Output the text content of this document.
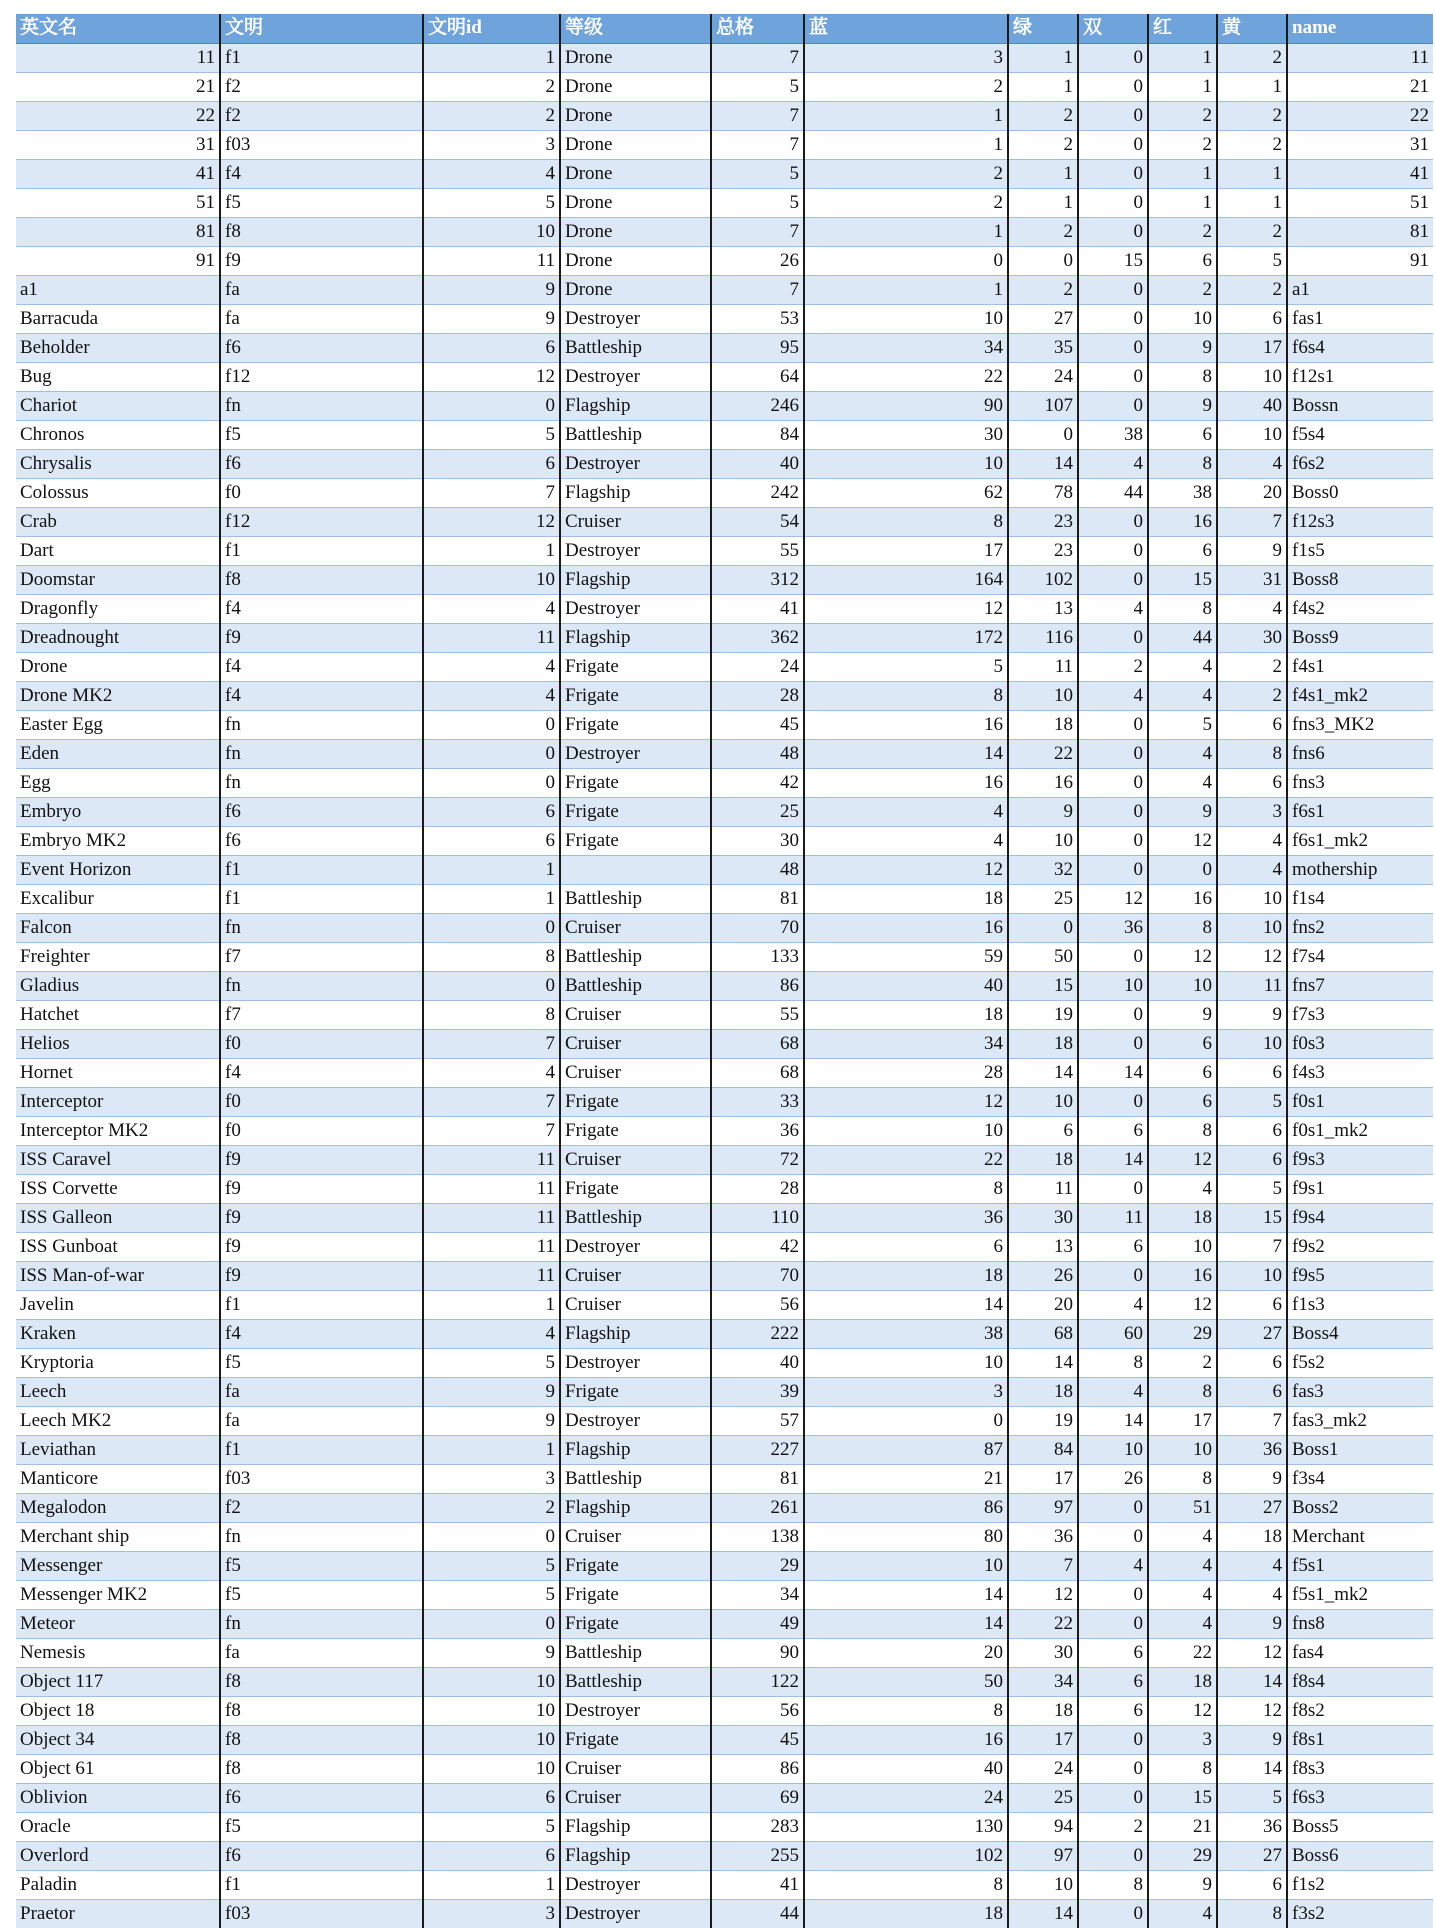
英文名	文明	文明id	等级	总格	蓝	绿	双	红	黄	name
11	f1	1	Drone	7	3	1	0	1	2	11
21	f2	2	Drone	5	2	1	0	1	1	21
22	f2	2	Drone	7	1	2	0	2	2	22
31	f03	3	Drone	7	1	2	0	2	2	31
41	f4	4	Drone	5	2	1	0	1	1	41
51	f5	5	Drone	5	2	1	0	1	1	51
81	f8	10	Drone	7	1	2	0	2	2	81
91	f9	11	Drone	26	0	0	15	6	5	91
a1	fa	9	Drone	7	1	2	0	2	2	a1
Barracuda	fa	9	Destroyer	53	10	27	0	10	6	fas1
Beholder	f6	6	Battleship	95	34	35	0	9	17	f6s4
Bug	f12	12	Destroyer	64	22	24	0	8	10	f12s1
Chariot	fn	0	Flagship	246	90	107	0	9	40	Bossn
Chronos	f5	5	Battleship	84	30	0	38	6	10	f5s4
Chrysalis	f6	6	Destroyer	40	10	14	4	8	4	f6s2
Colossus	f0	7	Flagship	242	62	78	44	38	20	Boss0
Crab	f12	12	Cruiser	54	8	23	0	16	7	f12s3
Dart	f1	1	Destroyer	55	17	23	0	6	9	f1s5
Doomstar	f8	10	Flagship	312	164	102	0	15	31	Boss8
Dragonfly	f4	4	Destroyer	41	12	13	4	8	4	f4s2
Dreadnought	f9	11	Flagship	362	172	116	0	44	30	Boss9
Drone	f4	4	Frigate	24	5	11	2	4	2	f4s1
Drone MK2	f4	4	Frigate	28	8	10	4	4	2	f4s1_mk2
Easter Egg	fn	0	Frigate	45	16	18	0	5	6	fns3_MK2
Eden	fn	0	Destroyer	48	14	22	0	4	8	fns6
Egg	fn	0	Frigate	42	16	16	0	4	6	fns3
Embryo	f6	6	Frigate	25	4	9	0	9	3	f6s1
Embryo MK2	f6	6	Frigate	30	4	10	0	12	4	f6s1_mk2
Event Horizon	f1	1		48	12	32	0	0	4	mothership
Excalibur	f1	1	Battleship	81	18	25	12	16	10	f1s4
Falcon	fn	0	Cruiser	70	16	0	36	8	10	fns2
Freighter	f7	8	Battleship	133	59	50	0	12	12	f7s4
Gladius	fn	0	Battleship	86	40	15	10	10	11	fns7
Hatchet	f7	8	Cruiser	55	18	19	0	9	9	f7s3
Helios	f0	7	Cruiser	68	34	18	0	6	10	f0s3
Hornet	f4	4	Cruiser	68	28	14	14	6	6	f4s3
Interceptor	f0	7	Frigate	33	12	10	0	6	5	f0s1
Interceptor MK2	f0	7	Frigate	36	10	6	6	8	6	f0s1_mk2
ISS Caravel	f9	11	Cruiser	72	22	18	14	12	6	f9s3
ISS Corvette	f9	11	Frigate	28	8	11	0	4	5	f9s1
ISS Galleon	f9	11	Battleship	110	36	30	11	18	15	f9s4
ISS Gunboat	f9	11	Destroyer	42	6	13	6	10	7	f9s2
ISS Man-of-war	f9	11	Cruiser	70	18	26	0	16	10	f9s5
Javelin	f1	1	Cruiser	56	14	20	4	12	6	f1s3
Kraken	f4	4	Flagship	222	38	68	60	29	27	Boss4
Kryptoria	f5	5	Destroyer	40	10	14	8	2	6	f5s2
Leech	fa	9	Frigate	39	3	18	4	8	6	fas3
Leech MK2	fa	9	Destroyer	57	0	19	14	17	7	fas3_mk2
Leviathan	f1	1	Flagship	227	87	84	10	10	36	Boss1
Manticore	f03	3	Battleship	81	21	17	26	8	9	f3s4
Megalodon	f2	2	Flagship	261	86	97	0	51	27	Boss2
Merchant ship	fn	0	Cruiser	138	80	36	0	4	18	Merchant
Messenger	f5	5	Frigate	29	10	7	4	4	4	f5s1
Messenger MK2	f5	5	Frigate	34	14	12	0	4	4	f5s1_mk2
Meteor	fn	0	Frigate	49	14	22	0	4	9	fns8
Nemesis	fa	9	Battleship	90	20	30	6	22	12	fas4
Object 117	f8	10	Battleship	122	50	34	6	18	14	f8s4
Object 18	f8	10	Destroyer	56	8	18	6	12	12	f8s2
Object 34	f8	10	Frigate	45	16	17	0	3	9	f8s1
Object 61	f8	10	Cruiser	86	40	24	0	8	14	f8s3
Oblivion	f6	6	Cruiser	69	24	25	0	15	5	f6s3
Oracle	f5	5	Flagship	283	130	94	2	21	36	Boss5
Overlord	f6	6	Flagship	255	102	97	0	29	27	Boss6
Paladin	f1	1	Destroyer	41	8	10	8	9	6	f1s2
Praetor	f03	3	Destroyer	44	18	14	0	4	8	f3s2
